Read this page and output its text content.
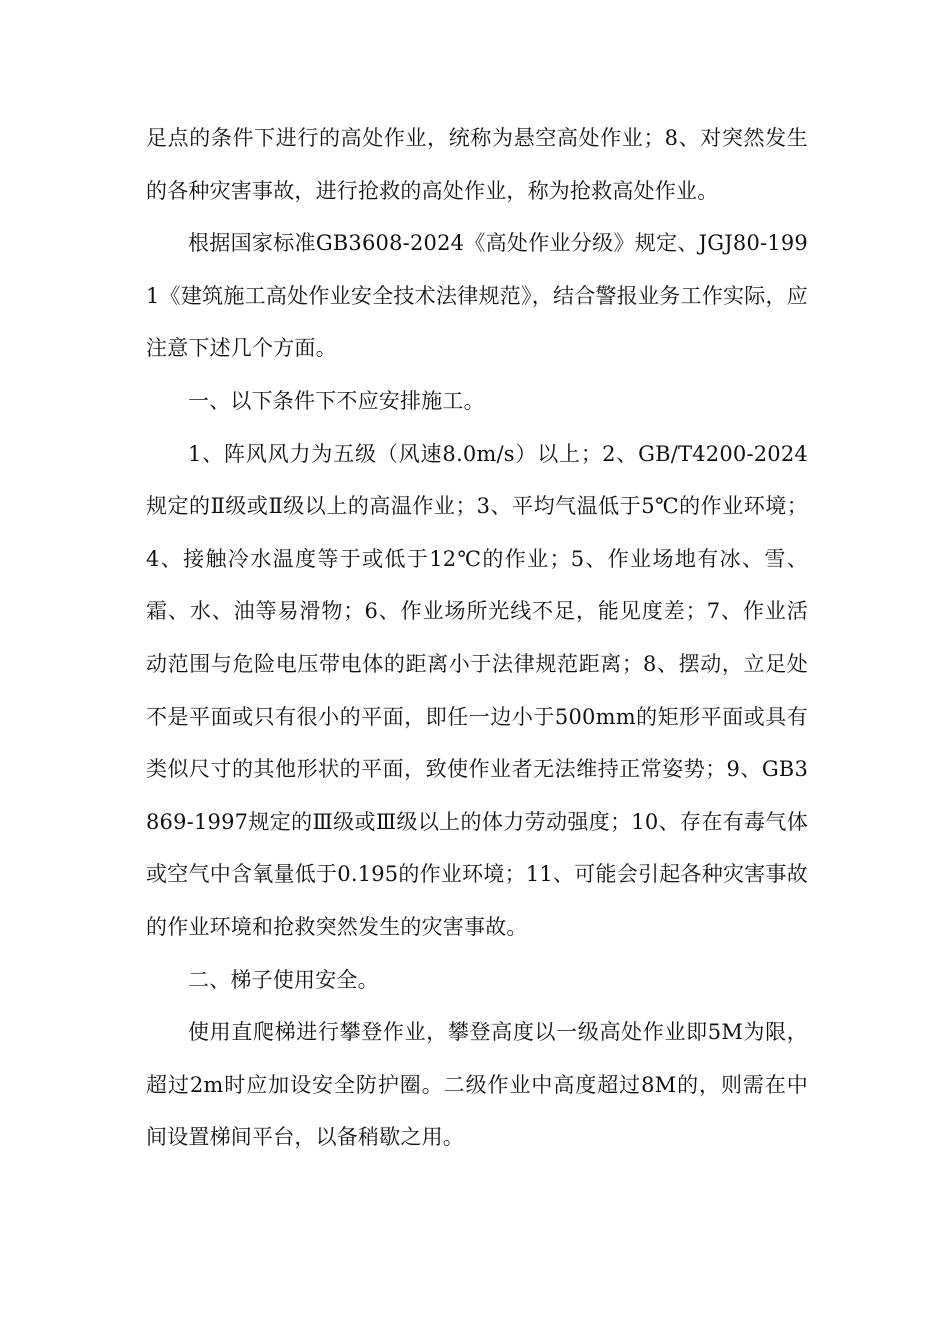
足点的条件下进行的高处作业，统称为悬空高处作业；8、对突然发生的各种灾害事故，进行抢救的高处作业，称为抢救高处作业。

根据国家标准GB3608-2024《高处作业分级》规定、JGJ80-1991《建筑施工高处作业安全技术法律规范》，结合警报业务工作实际，应注意下述几个方面。

一、以下条件下不应安排施工。

1、阵风风力为五级（风速8.0m/s）以上；2、GB/T4200-2024规定的Ⅱ级或Ⅱ级以上的高温作业；3、平均气温低于5℃的作业环境；4、接触冷水温度等于或低于12℃的作业；5、作业场地有冰、雪、霜、水、油等易滑物；6、作业场所光线不足，能见度差；7、作业活动范围与危险电压带电体的距离小于法律规范距离；8、摆动，立足处不是平面或只有很小的平面，即任一边小于500mm的矩形平面或具有类似尺寸的其他形状的平面，致使作业者无法维持正常姿势；9、GB3869-1997规定的Ⅲ级或Ⅲ级以上的体力劳动强度；10、存在有毒气体或空气中含氧量低于0.195的作业环境；11、可能会引起各种灾害事故的作业环境和抢救突然发生的灾害事故。

二、梯子使用安全。

使用直爬梯进行攀登作业，攀登高度以一级高处作业即5M为限，超过2m时应加设安全防护圈。二级作业中高度超过8M的，则需在中间设置梯间平台，以备稍歇之用。
